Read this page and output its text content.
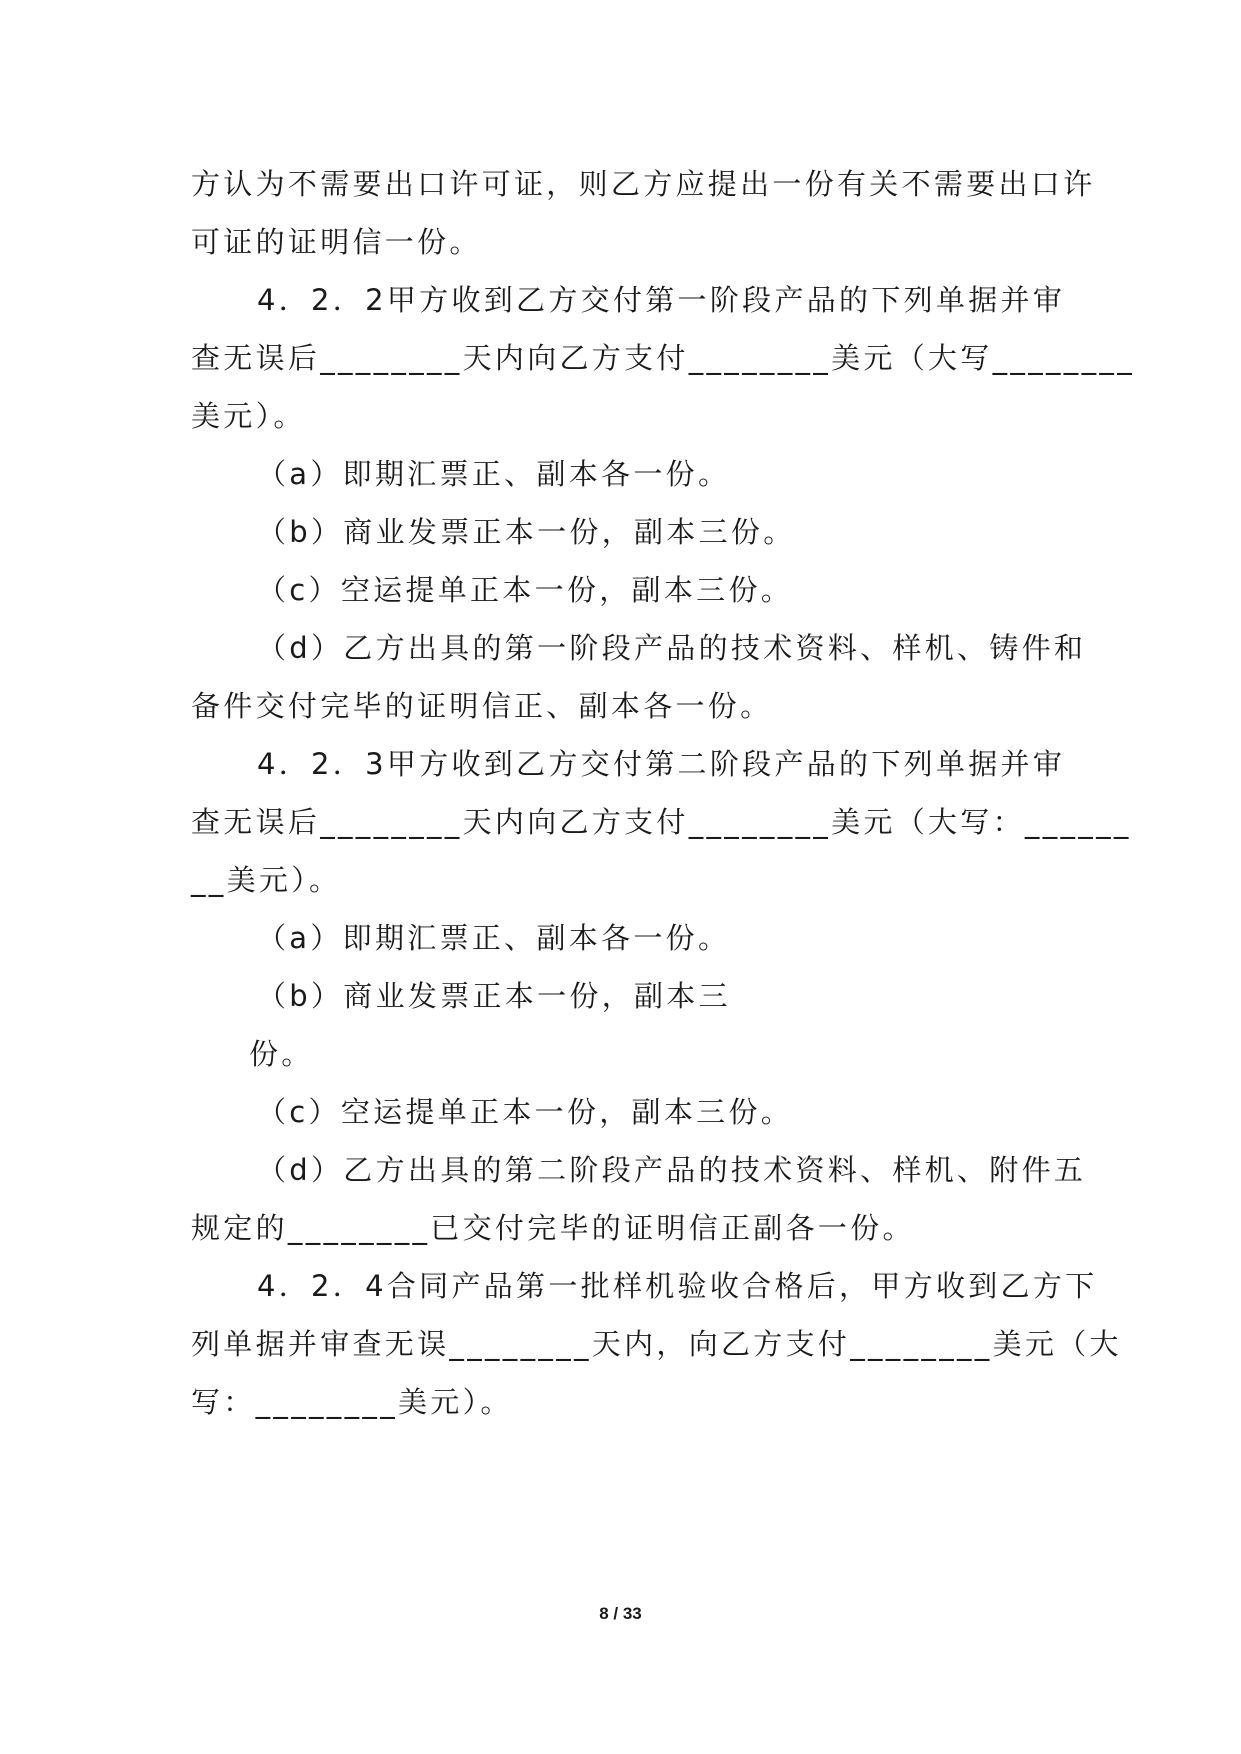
方认为不需要出口许可证，则乙方应提出一份有关不需要出口许
可证的证明信一份。
4．2．2甲方收到乙方交付第一阶段产品的下列单据并审
查无误后________天内向乙方支付________美元（大写________
美元）。
（a）即期汇票正、副本各一份。
（b）商业发票正本一份，副本三份。
（c）空运提单正本一份，副本三份。
（d）乙方出具的第一阶段产品的技术资料、样机、铸件和
备件交付完毕的证明信正、副本各一份。
4．2．3甲方收到乙方交付第二阶段产品的下列单据并审
查无误后________天内向乙方支付________美元（大写：______
__美元）。
（a）即期汇票正、副本各一份。
（b）商业发票正本一份，副本三
份。
（c）空运提单正本一份，副本三份。
（d）乙方出具的第二阶段产品的技术资料、样机、附件五
规定的________已交付完毕的证明信正副各一份。
4．2．4合同产品第一批样机验收合格后，甲方收到乙方下
列单据并审查无误________天内，向乙方支付________美元（大
写：________美元）。
8 / 33
